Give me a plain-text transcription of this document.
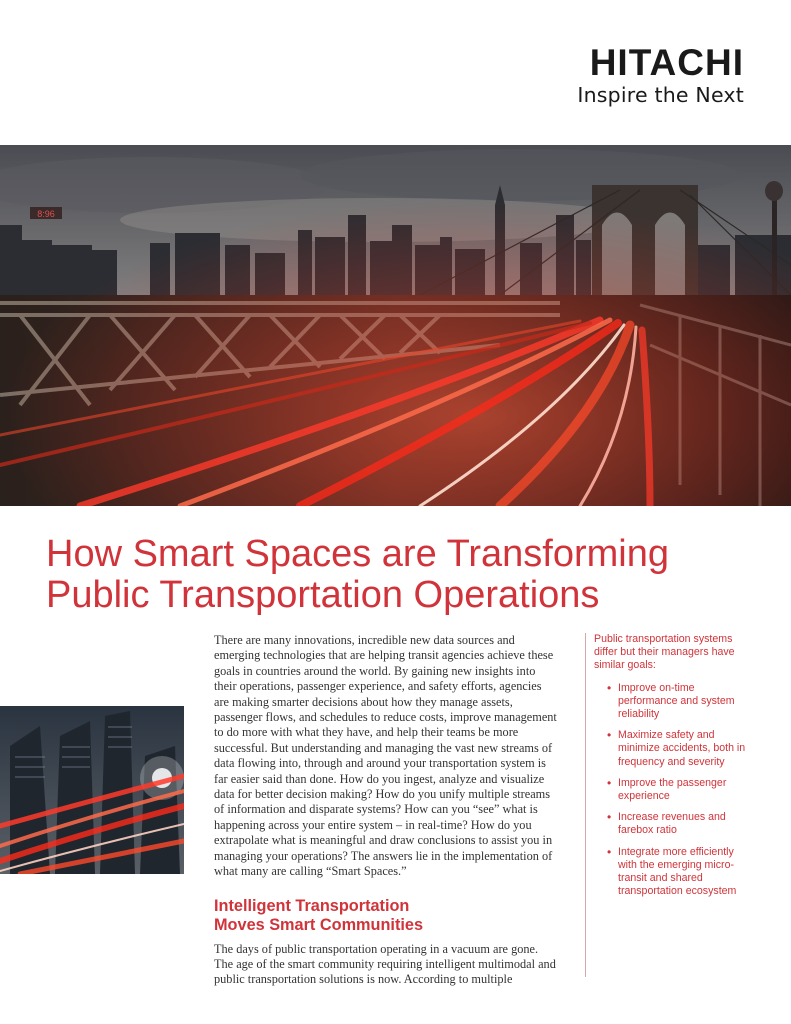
HITACHI
Inspire the Next
How Smart Spaces are Transforming
Public Transportation Operations

There are many innovations, incredible new data sources and emerging technologies that are helping transit agencies achieve these goals in countries around the world. By gaining new insights into their operations, passenger experience, and safety efforts, agencies are making smarter decisions about how they manage assets, passenger flows, and schedules to reduce costs, improve management to do more with what they have, and help their teams be more successful. But understanding and managing the vast new streams of data flowing into, through and around your transportation system is far easier said than done. How do you ingest, analyze and visualize data for better decision making? How do you unify multiple streams of information and disparate systems? How can you “see” what is happening across your entire system – in real-time? How do you extrapolate what is meaningful and draw conclusions to assist you in managing your operations? The answers lie in the implementation of what many are calling “Smart Spaces.”

Intelligent Transportation
Moves Smart Communities

The days of public transportation operating in a vacuum are gone. The age of the smart community requiring intelligent multimodal and public transportation solutions is now. According to multiple

Public transportation systems differ but their managers have similar goals:

• Improve on-time performance and system reliability
• Maximize safety and minimize accidents, both in frequency and severity
• Improve the passenger experience
• Increase revenues and farebox ratio
• Integrate more efficiently with the emerging micro-transit and shared transportation ecosystem
